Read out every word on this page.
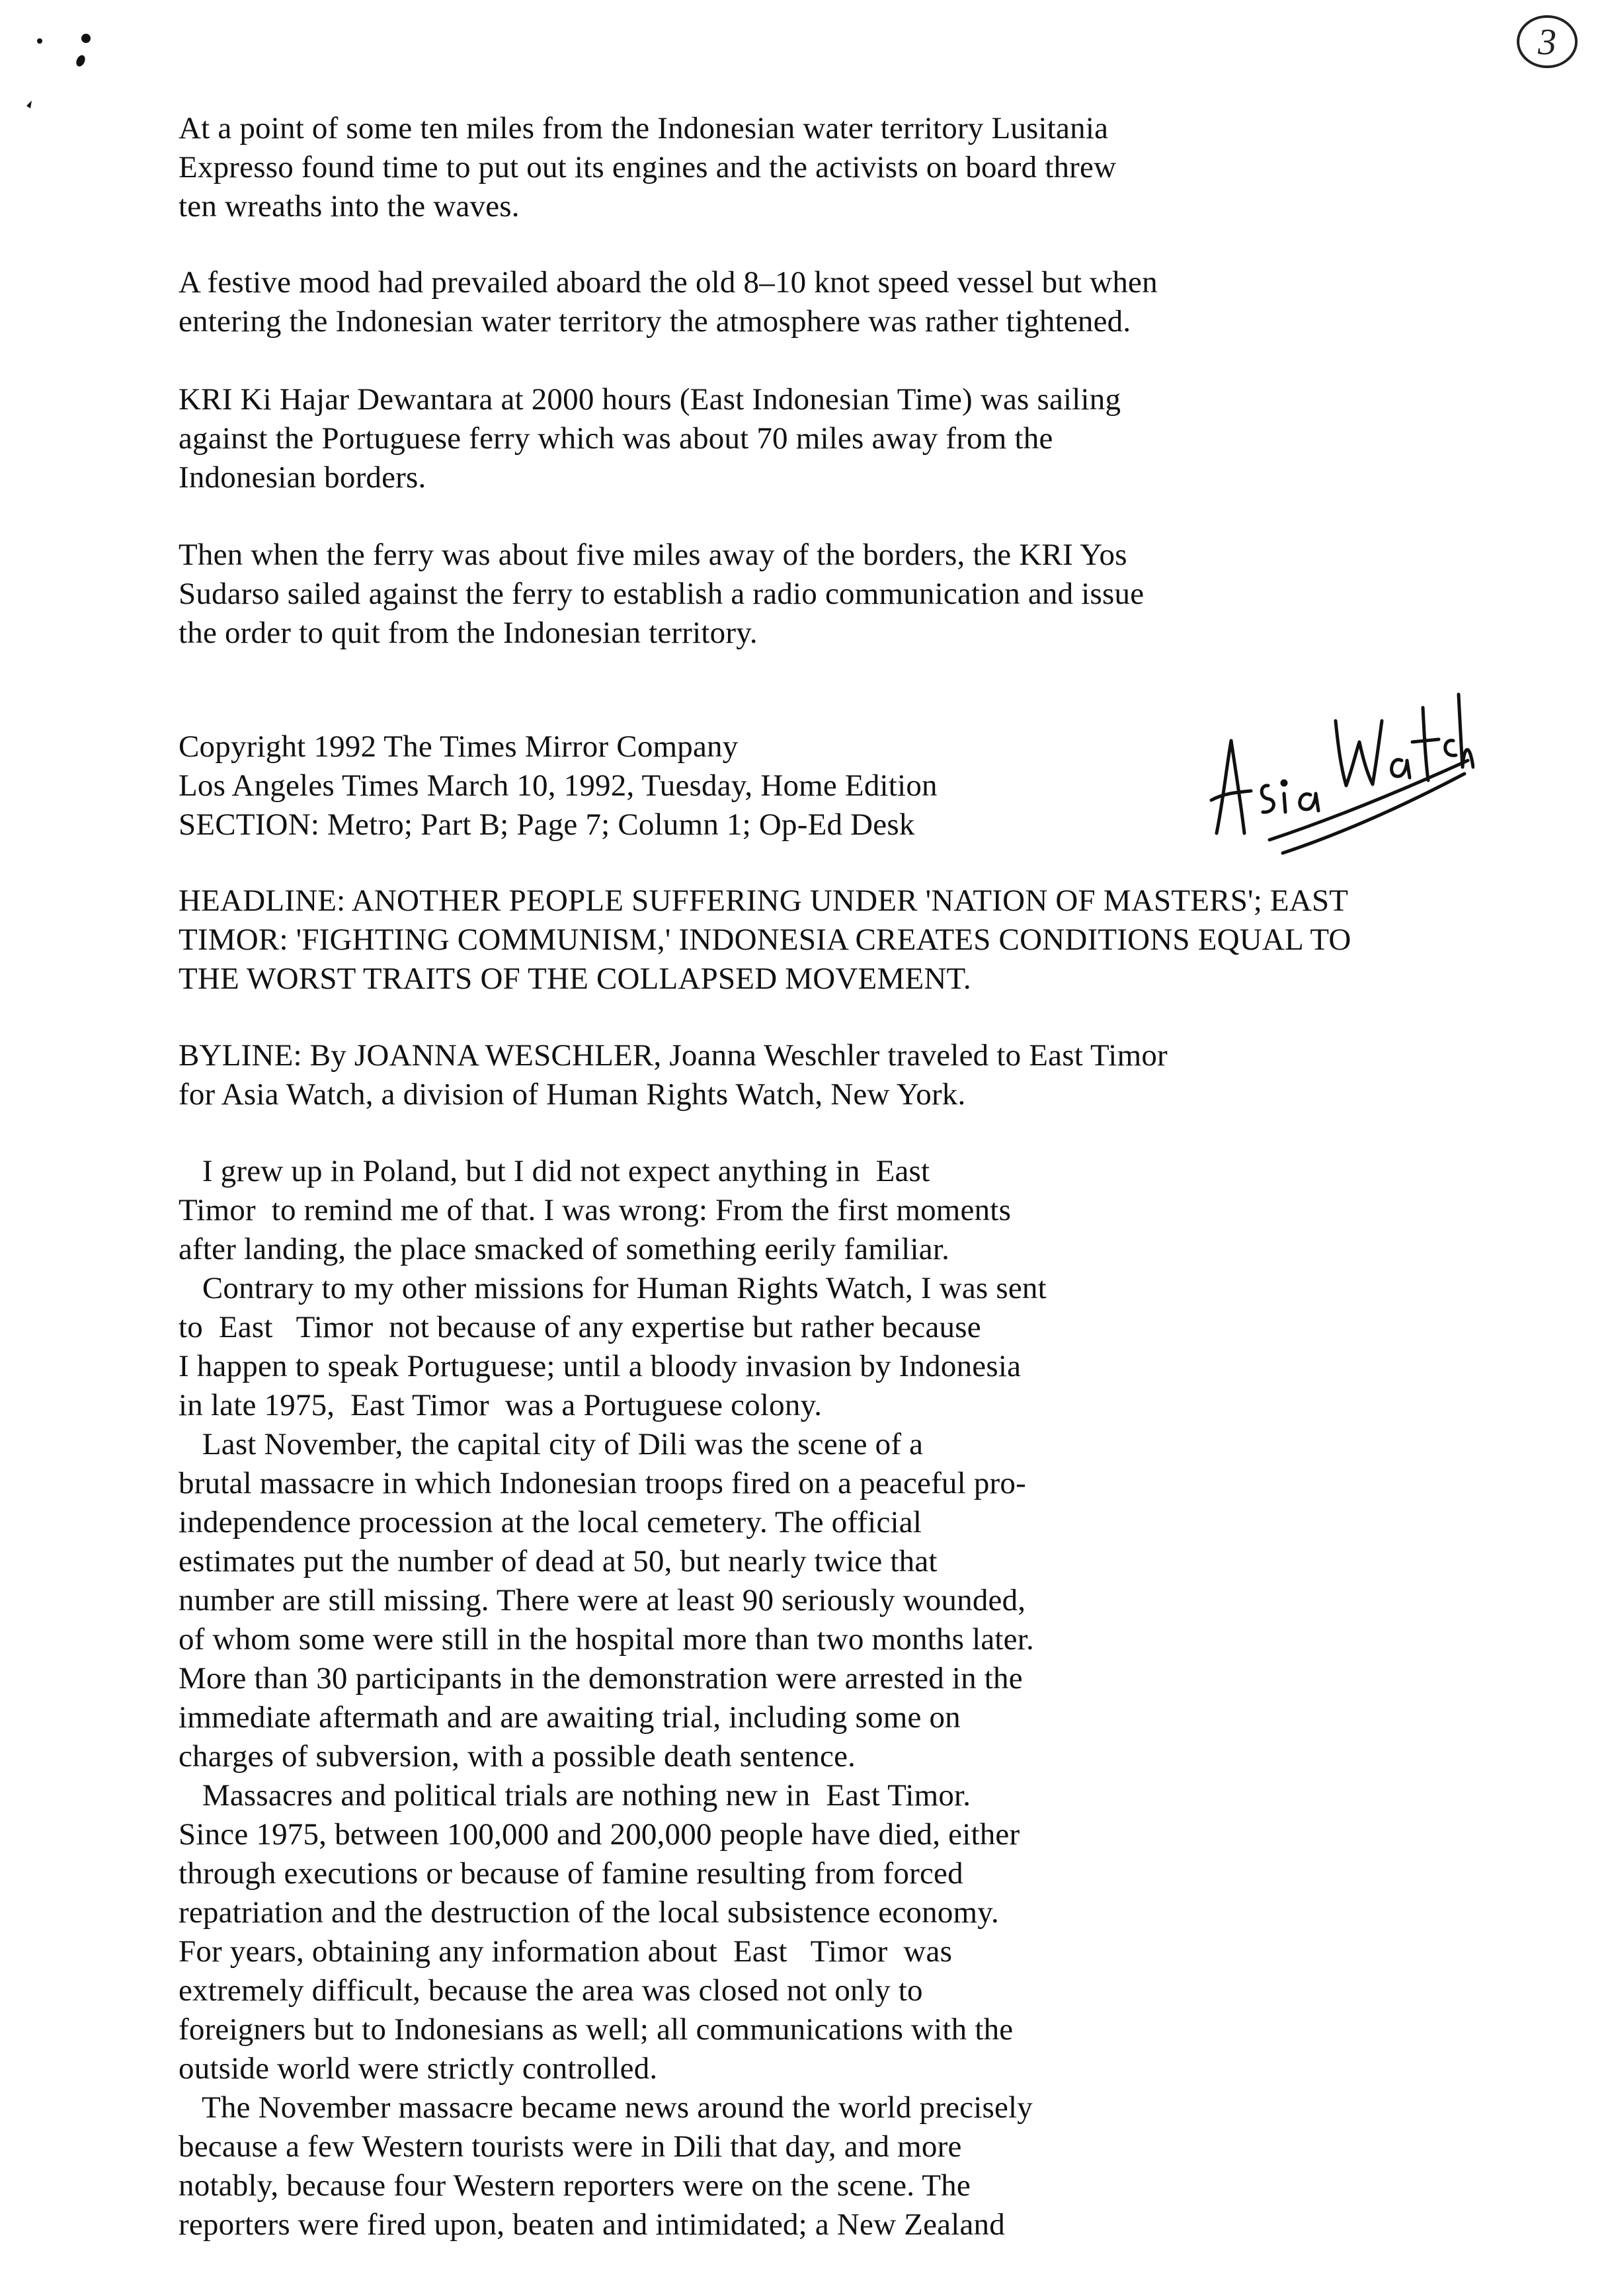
3
At a point of some ten miles from the Indonesian water territory Lusitania
Expresso found time to put out its engines and the activists on board threw
ten wreaths into the waves.
A festive mood had prevailed aboard the old 8–10 knot speed vessel but when
entering the Indonesian water territory the atmosphere was rather tightened.
KRI Ki Hajar Dewantara at 2000 hours (East Indonesian Time) was sailing
against the Portuguese ferry which was about 70 miles away from the
Indonesian borders.
Then when the ferry was about five miles away of the borders, the KRI Yos
Sudarso sailed against the ferry to establish a radio communication and issue
the order to quit from the Indonesian territory.
Copyright 1992 The Times Mirror Company
Los Angeles Times March 10, 1992, Tuesday, Home Edition
SECTION: Metro; Part B; Page 7; Column 1; Op-Ed Desk
HEADLINE: ANOTHER PEOPLE SUFFERING UNDER 'NATION OF MASTERS'; EAST
TIMOR: 'FIGHTING COMMUNISM,' INDONESIA CREATES CONDITIONS EQUAL TO
THE WORST TRAITS OF THE COLLAPSED MOVEMENT.
BYLINE: By JOANNA WESCHLER, Joanna Weschler traveled to East Timor
for Asia Watch, a division of Human Rights Watch, New York.
I grew up in Poland, but I did not expect anything in  East
Timor  to remind me of that. I was wrong: From the first moments
after landing, the place smacked of something eerily familiar.
Contrary to my other missions for Human Rights Watch, I was sent
to  East   Timor  not because of any expertise but rather because
I happen to speak Portuguese; until a bloody invasion by Indonesia
in late 1975,  East Timor  was a Portuguese colony.
Last November, the capital city of Dili was the scene of a
brutal massacre in which Indonesian troops fired on a peaceful pro-
independence procession at the local cemetery. The official
estimates put the number of dead at 50, but nearly twice that
number are still missing. There were at least 90 seriously wounded,
of whom some were still in the hospital more than two months later.
More than 30 participants in the demonstration were arrested in the
immediate aftermath and are awaiting trial, including some on
charges of subversion, with a possible death sentence.
Massacres and political trials are nothing new in  East Timor.
Since 1975, between 100,000 and 200,000 people have died, either
through executions or because of famine resulting from forced
repatriation and the destruction of the local subsistence economy.
For years, obtaining any information about  East   Timor  was
extremely difficult, because the area was closed not only to
foreigners but to Indonesians as well; all communications with the
outside world were strictly controlled.
The November massacre became news around the world precisely
because a few Western tourists were in Dili that day, and more
notably, because four Western reporters were on the scene. The
reporters were fired upon, beaten and intimidated; a New Zealand
